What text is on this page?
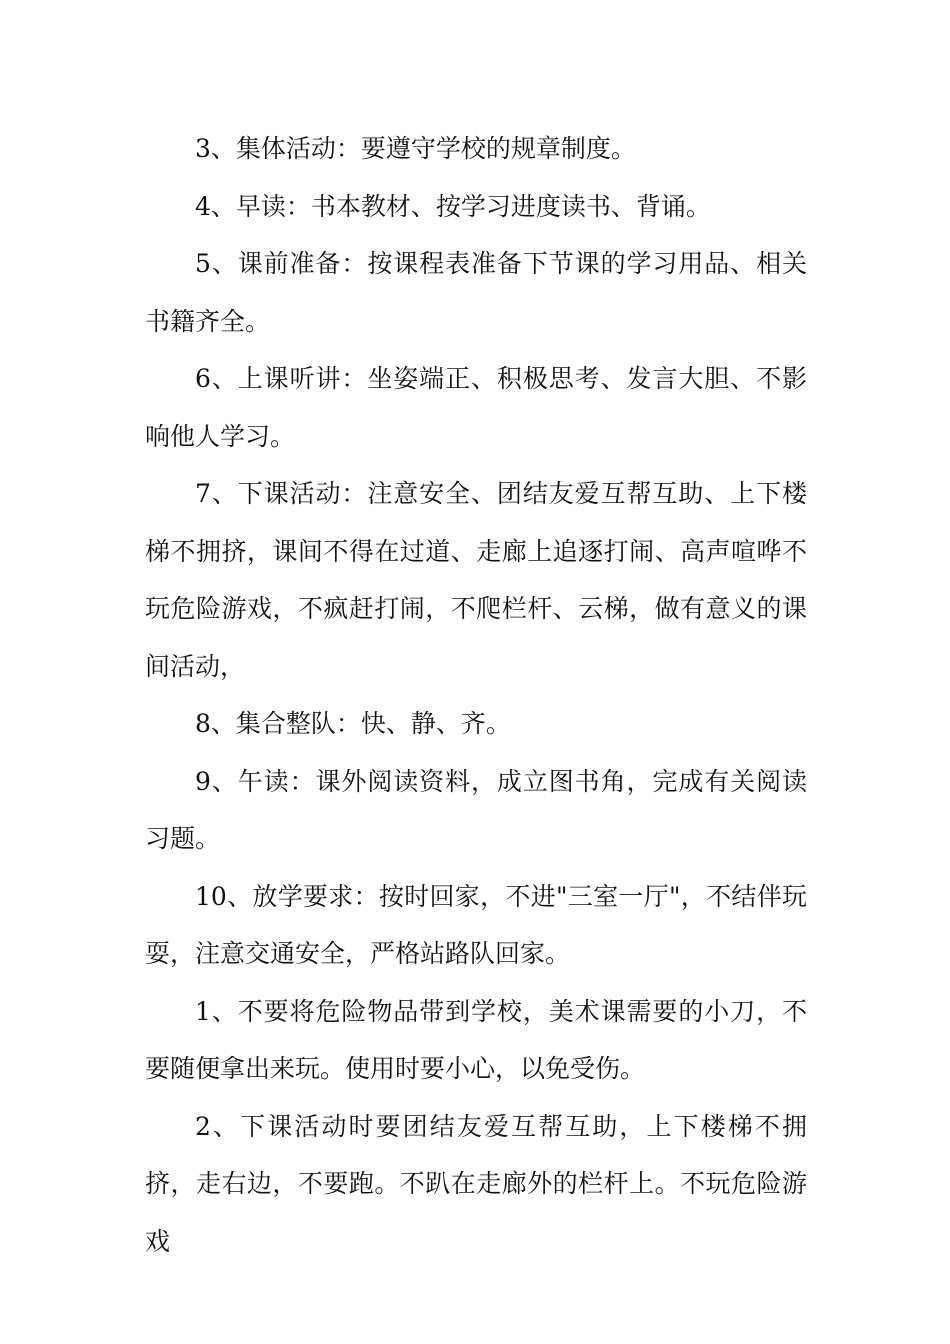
3、集体活动：要遵守学校的规章制度。

4、早读：书本教材、按学习进度读书、背诵。

5、课前准备：按课程表准备下节课的学习用品、相关书籍齐全。

6、上课听讲：坐姿端正、积极思考、发言大胆、不影响他人学习。

7、下课活动：注意安全、团结友爱互帮互助、上下楼梯不拥挤，课间不得在过道、走廊上追逐打闹、高声喧哗不玩危险游戏，不疯赶打闹，不爬栏杆、云梯，做有意义的课间活动，

8、集合整队：快、静、齐。

9、午读：课外阅读资料，成立图书角，完成有关阅读习题。

10、放学要求：按时回家，不进"三室一厅"，不结伴玩耍，注意交通安全，严格站路队回家。

1、不要将危险物品带到学校，美术课需要的小刀，不要随便拿出来玩。使用时要小心，以免受伤。

2、下课活动时要团结友爱互帮互助，上下楼梯不拥挤，走右边，不要跑。不趴在走廊外的栏杆上。不玩危险游戏
